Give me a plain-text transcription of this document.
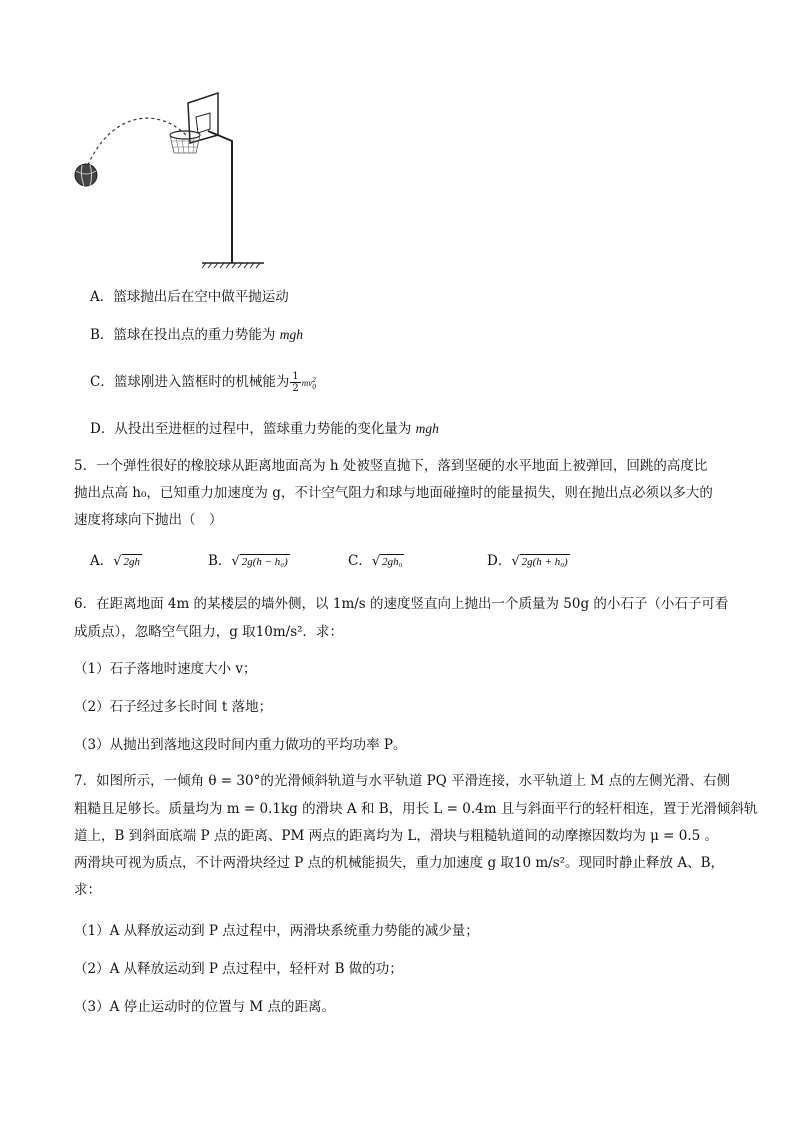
A．篮球抛出后在空中做平抛运动
B．篮球在投出点的重力势能为 mgh
C．篮球刚进入篮框时的机械能为 $\frac{1}{2} mv_0^2$
D．从投出至进框的过程中，篮球重力势能的变化量为 mgh
5．一个弹性很好的橡胶球从距离地面高为 h 处被竖直抛下，落到坚硬的水平地面上被弹回，回跳的高度比
抛出点高 h₀，已知重力加速度为 g，不计空气阻力和球与地面碰撞时的能量损失，则在抛出点必须以多大的
速度将球向下抛出（　）
A．√ 2gh	B．√ 2g(h − h₀)	C．√ 2gh₀	D．√ 2g(h + h₀)
6．在距离地面 4m 的某楼层的墙外侧，以 1m/s 的速度竖直向上抛出一个质量为 50g 的小石子（小石子可看
成质点），忽略空气阻力，g 取10m/s²．求：
（1）石子落地时速度大小 v；
（2）石子经过多长时间 t 落地；
（3）从抛出到落地这段时间内重力做功的平均功率 P。
7．如图所示，一倾角 θ = 30°的光滑倾斜轨道与水平轨道 PQ 平滑连接，水平轨道上 M 点的左侧光滑、右侧
粗糙且足够长。质量均为 m = 0.1kg 的滑块 A 和 B，用长 L = 0.4m 且与斜面平行的轻杆相连，置于光滑倾斜轨
道上，B 到斜面底端 P 点的距离、PM 两点的距离均为 L，滑块与粗糙轨道间的动摩擦因数均为 μ = 0.5 。
两滑块可视为质点，不计两滑块经过 P 点的机械能损失，重力加速度 g 取10 m/s²。现同时静止释放 A、B，
求：
（1）A 从释放运动到 P 点过程中，两滑块系统重力势能的减少量；
（2）A 从释放运动到 P 点过程中，轻杆对 B 做的功；
（3）A 停止运动时的位置与 M 点的距离。
